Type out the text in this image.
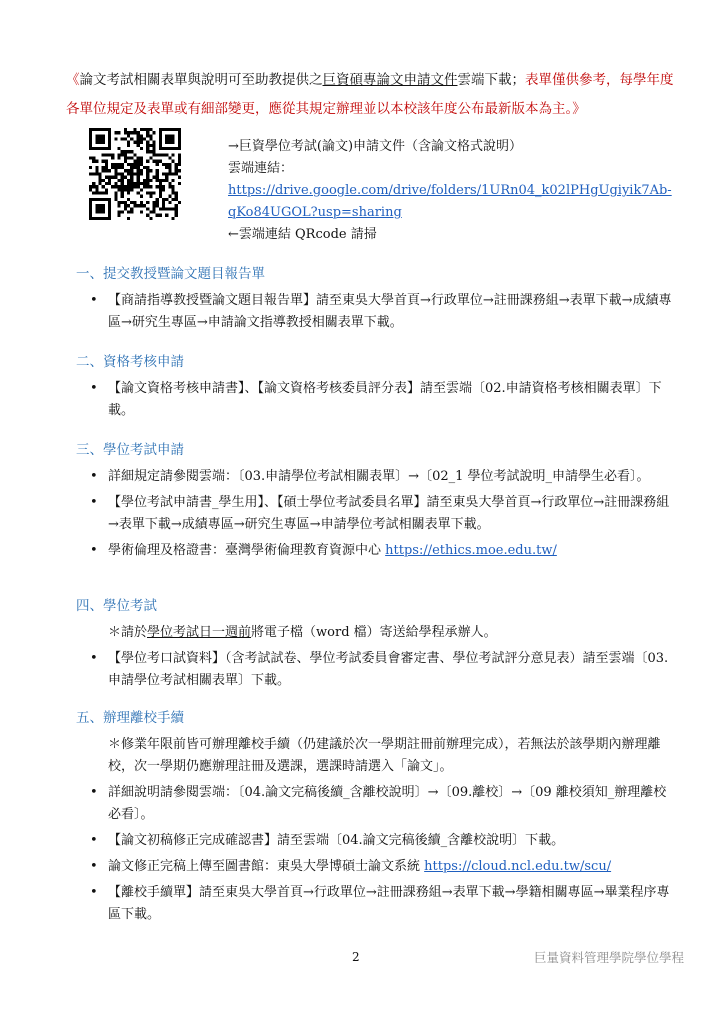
《論文考試相關表單與說明可至助教提供之巨資碩專論文申請文件雲端下載；表單僅供參考，每學年度各單位規定及表單或有細部變更，應從其規定辦理並以本校該年度公布最新版本為主。》
→巨資學位考試(論文)申請文件（含論文格式說明）
雲端連結：
https://drive.google.com/drive/folders/1URn04_k02lPHgUgiyik7Ab-qKo84UGOL?usp=sharing
←雲端連結 QRcode 請掃
一、提交教授暨論文題目報告單
• 【商請指導教授暨論文題目報告單】請至東吳大學首頁→行政單位→註冊課務組→表單下載→成績專區→研究生專區→申請論文指導教授相關表單下載。
二、資格考核申請
• 【論文資格考核申請書】、【論文資格考核委員評分表】請至雲端〔02.申請資格考核相關表單〕下載。
三、學位考試申請
• 詳細規定請參閱雲端：〔03.申請學位考試相關表單〕→〔02_1 學位考試說明_申請學生必看〕。
• 【學位考試申請書_學生用】、【碩士學位考試委員名單】請至東吳大學首頁→行政單位→註冊課務組→表單下載→成績專區→研究生專區→申請學位考試相關表單下載。
• 學術倫理及格證書：臺灣學術倫理教育資源中心 https://ethics.moe.edu.tw/
四、學位考試
＊請於學位考試日一週前將電子檔（word 檔）寄送給學程承辦人。
• 【學位考口試資料】（含考試試卷、學位考試委員會審定書、學位考試評分意見表）請至雲端〔03.申請學位考試相關表單〕下載。
五、辦理離校手續
＊修業年限前皆可辦理離校手續（仍建議於次一學期註冊前辦理完成），若無法於該學期內辦理離校，次一學期仍應辦理註冊及選課，選課時請選入「論文」。
• 詳細說明請參閱雲端：〔04.論文完稿後續_含離校說明〕→〔09.離校〕→〔09 離校須知_辦理離校必看〕。
• 【論文初稿修正完成確認書】請至雲端〔04.論文完稿後續_含離校說明〕下載。
• 論文修正完稿上傳至圖書館：東吳大學博碩士論文系統 https://cloud.ncl.edu.tw/scu/
• 【離校手續單】請至東吳大學首頁→行政單位→註冊課務組→表單下載→學籍相關專區→畢業程序專區下載。
2	巨量資料管理學院學位學程
